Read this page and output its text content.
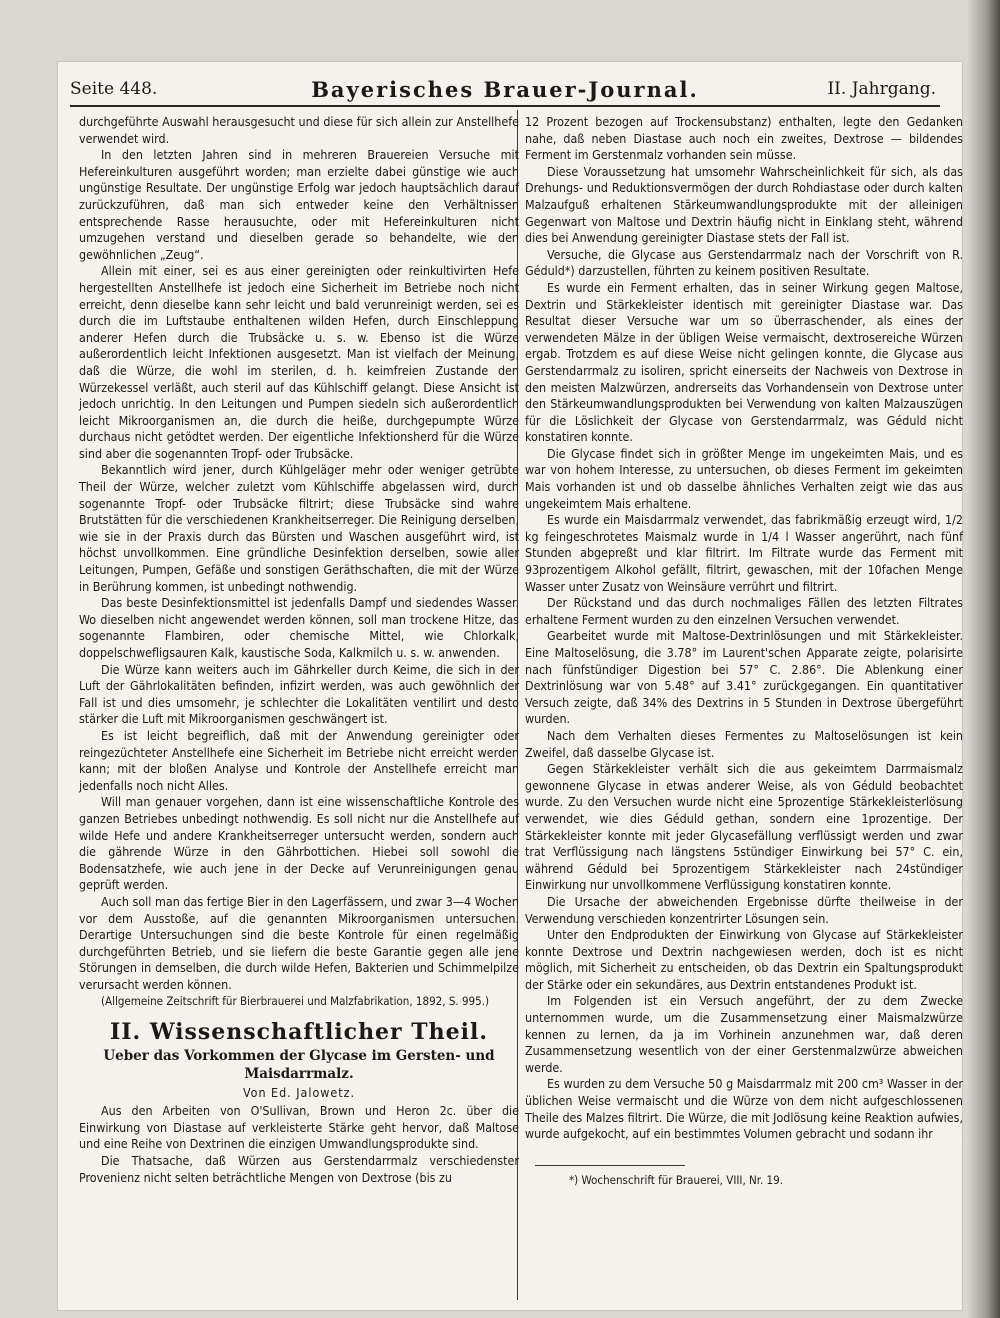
Seite 448.	Bayerisches Brauer-Journal.	II. Jahrgang.

durchgeführte Auswahl herausgesucht und diese für sich allein zur Anstellhefe verwendet wird.

In den letzten Jahren sind in mehreren Brauereien Versuche mit Hefereinkulturen ausgeführt worden; man erzielte dabei günstige wie auch ungünstige Resultate. Der ungünstige Erfolg war jedoch hauptsächlich darauf zurückzuführen, daß man sich entweder keine den Verhältnissen entsprechende Rasse herausuchte, oder mit Hefereinkulturen nicht umzugehen verstand und dieselben gerade so behandelte, wie den gewöhnlichen „Zeug“.

Allein mit einer, sei es aus einer gereinigten oder reinkultivirten Hefe hergestellten Anstellhefe ist jedoch eine Sicherheit im Betriebe noch nicht erreicht, denn dieselbe kann sehr leicht und bald verunreinigt werden, sei es durch die im Luftstaube enthaltenen wilden Hefen, durch Einschleppung anderer Hefen durch die Trubsäcke u. s. w. Ebenso ist die Würze außerordentlich leicht Infektionen ausgesetzt. Man ist vielfach der Meinung, daß die Würze, die wohl im sterilen, d. h. keimfreien Zustande den Würzekessel verläßt, auch steril auf das Kühlschiff gelangt. Diese Ansicht ist jedoch unrichtig. In den Leitungen und Pumpen siedeln sich außerordentlich leicht Mikroorganismen an, die durch die heiße, durchgepumpte Würze durchaus nicht getödtet werden. Der eigentliche Infektionsherd für die Würze sind aber die sogenannten Tropf- oder Trubsäcke.

Bekanntlich wird jener, durch Kühlgeläger mehr oder weniger getrübte Theil der Würze, welcher zuletzt vom Kühlschiffe abgelassen wird, durch sogenannte Tropf- oder Trubsäcke filtrirt; diese Trubsäcke sind wahre Brutstätten für die verschiedenen Krankheitserreger. Die Reinigung derselben, wie sie in der Praxis durch das Bürsten und Waschen ausgeführt wird, ist höchst unvollkommen. Eine gründliche Desinfektion derselben, sowie aller Leitungen, Pumpen, Gefäße und sonstigen Geräthschaften, die mit der Würze in Berührung kommen, ist unbedingt nothwendig.

Das beste Desinfektionsmittel ist jedenfalls Dampf und siedendes Wasser. Wo dieselben nicht angewendet werden können, soll man trockene Hitze, das sogenannte Flambiren, oder chemische Mittel, wie Chlorkalk, doppelschwefligsauren Kalk, kaustische Soda, Kalkmilch u. s. w. anwenden.

Die Würze kann weiters auch im Gährkeller durch Keime, die sich in der Luft der Gährlokalitäten befinden, infizirt werden, was auch gewöhnlich der Fall ist und dies umsomehr, je schlechter die Lokalitäten ventilirt und desto stärker die Luft mit Mikroorganismen geschwängert ist.

Es ist leicht begreiflich, daß mit der Anwendung gereinigter oder reingezüchteter Anstellhefe eine Sicherheit im Betriebe nicht erreicht werden kann; mit der bloßen Analyse und Kontrole der Anstellhefe erreicht man jedenfalls noch nicht Alles.

Will man genauer vorgehen, dann ist eine wissenschaftliche Kontrole des ganzen Betriebes unbedingt nothwendig. Es soll nicht nur die Anstellhefe auf wilde Hefe und andere Krankheitserreger untersucht werden, sondern auch die gährende Würze in den Gährbottichen. Hiebei soll sowohl die Bodensatzhefe, wie auch jene in der Decke auf Verunreinigungen genau geprüft werden.

Auch soll man das fertige Bier in den Lagerfässern, und zwar 3—4 Wochen vor dem Ausstoße, auf die genannten Mikroorganismen untersuchen. Derartige Untersuchungen sind die beste Kontrole für einen regelmäßig durchgeführten Betrieb, und sie liefern die beste Garantie gegen alle jene Störungen in demselben, die durch wilde Hefen, Bakterien und Schimmelpilze verursacht werden können.

(Allgemeine Zeitschrift für Bierbrauerei und Malzfabrikation, 1892, S. 995.)

II. Wissenschaftlicher Theil.
Ueber das Vorkommen der Glycase im Gersten- und Maisdarrmalz.
Von Ed. Jalowetz.

Aus den Arbeiten von O'Sullivan, Brown und Heron 2c. über die Einwirkung von Diastase auf verkleisterte Stärke geht hervor, daß Maltose und eine Reihe von Dextrinen die einzigen Umwandlungsprodukte sind.

Die Thatsache, daß Würzen aus Gerstendarrmalz verschiedenster Provenienz nicht selten beträchtliche Mengen von Dextrose (bis zu

12 Prozent bezogen auf Trockensubstanz) enthalten, legte den Gedanken nahe, daß neben Diastase auch noch ein zweites, Dextrose — bildendes Ferment im Gerstenmalz vorhanden sein müsse.

Diese Voraussetzung hat umsomehr Wahrscheinlichkeit für sich, als das Drehungs- und Reduktionsvermögen der durch Rohdiastase oder durch kalten Malzaufguß erhaltenen Stärkeumwandlungsprodukte mit der alleinigen Gegenwart von Maltose und Dextrin häufig nicht in Einklang steht, während dies bei Anwendung gereinigter Diastase stets der Fall ist.

Versuche, die Glycase aus Gerstendarrmalz nach der Vorschrift von R. Géduld*) darzustellen, führten zu keinem positiven Resultate.

Es wurde ein Ferment erhalten, das in seiner Wirkung gegen Maltose, Dextrin und Stärkekleister identisch mit gereinigter Diastase war. Das Resultat dieser Versuche war um so überraschender, als eines der verwendeten Mälze in der übligen Weise vermaischt, dextrosereiche Würzen ergab. Trotzdem es auf diese Weise nicht gelingen konnte, die Glycase aus Gerstendarrmalz zu isoliren, spricht einerseits der Nachweis von Dextrose in den meisten Malzwürzen, andrerseits das Vorhandensein von Dextrose unter den Stärkeumwandlungsprodukten bei Verwendung von kalten Malzauszügen für die Löslichkeit der Glycase von Gerstendarrmalz, was Géduld nicht konstatiren konnte.

Die Glycase findet sich in größter Menge im ungekeimten Mais, und es war von hohem Interesse, zu untersuchen, ob dieses Ferment im gekeimten Mais vorhanden ist und ob dasselbe ähnliches Verhalten zeigt wie das aus ungekeimtem Mais erhaltene.

Es wurde ein Maisdarrmalz verwendet, das fabrikmäßig erzeugt wird, 1/2 kg feingeschrotetes Maismalz wurde in 1/4 l Wasser angerührt, nach fünf Stunden abgepreßt und klar filtrirt. Im Filtrate wurde das Ferment mit 93prozentigem Alkohol gefällt, filtrirt, gewaschen, mit der 10fachen Menge Wasser unter Zusatz von Weinsäure verrührt und filtrirt.

Der Rückstand und das durch nochmaliges Fällen des letzten Filtrates erhaltene Ferment wurden zu den einzelnen Versuchen verwendet.

Gearbeitet wurde mit Maltose-Dextrinlösungen und mit Stärkekleister. Eine Maltoselösung, die 3.78° im Laurent'schen Apparate zeigte, polarisirte nach fünfstündiger Digestion bei 57° C. 2.86°. Die Ablenkung einer Dextrinlösung war von 5.48° auf 3.41° zurückgegangen. Ein quantitativer Versuch zeigte, daß 34% des Dextrins in 5 Stunden in Dextrose übergeführt wurden.

Nach dem Verhalten dieses Fermentes zu Maltoselösungen ist kein Zweifel, daß dasselbe Glycase ist.

Gegen Stärkekleister verhält sich die aus gekeimtem Darrmaismalz gewonnene Glycase in etwas anderer Weise, als von Géduld beobachtet wurde. Zu den Versuchen wurde nicht eine 5prozentige Stärkekleisterlösung verwendet, wie dies Géduld gethan, sondern eine 1prozentige. Der Stärkekleister konnte mit jeder Glycasefällung verflüssigt werden und zwar trat Verflüssigung nach längstens 5stündiger Einwirkung bei 57° C. ein, während Géduld bei 5prozentigem Stärkekleister nach 24stündiger Einwirkung nur unvollkommene Verflüssigung konstatiren konnte.

Die Ursache der abweichenden Ergebnisse dürfte theilweise in der Verwendung verschieden konzentrirter Lösungen sein.

Unter den Endprodukten der Einwirkung von Glycase auf Stärkekleister konnte Dextrose und Dextrin nachgewiesen werden, doch ist es nicht möglich, mit Sicherheit zu entscheiden, ob das Dextrin ein Spaltungsprodukt der Stärke oder ein sekundäres, aus Dextrin entstandenes Produkt ist.

Im Folgenden ist ein Versuch angeführt, der zu dem Zwecke unternommen wurde, um die Zusammensetzung einer Maismalzwürze kennen zu lernen, da ja im Vorhinein anzunehmen war, daß deren Zusammensetzung wesentlich von der einer Gerstenmalzwürze abweichen werde.

Es wurden zu dem Versuche 50 g Maisdarrmalz mit 200 cm³ Wasser in der üblichen Weise vermaischt und die Würze von dem nicht aufgeschlossenen Theile des Malzes filtrirt. Die Würze, die mit Jodlösung keine Reaktion aufwies, wurde aufgekocht, auf ein bestimmtes Volumen gebracht und sodann ihr

*) Wochenschrift für Brauerei, VIII, Nr. 19.
